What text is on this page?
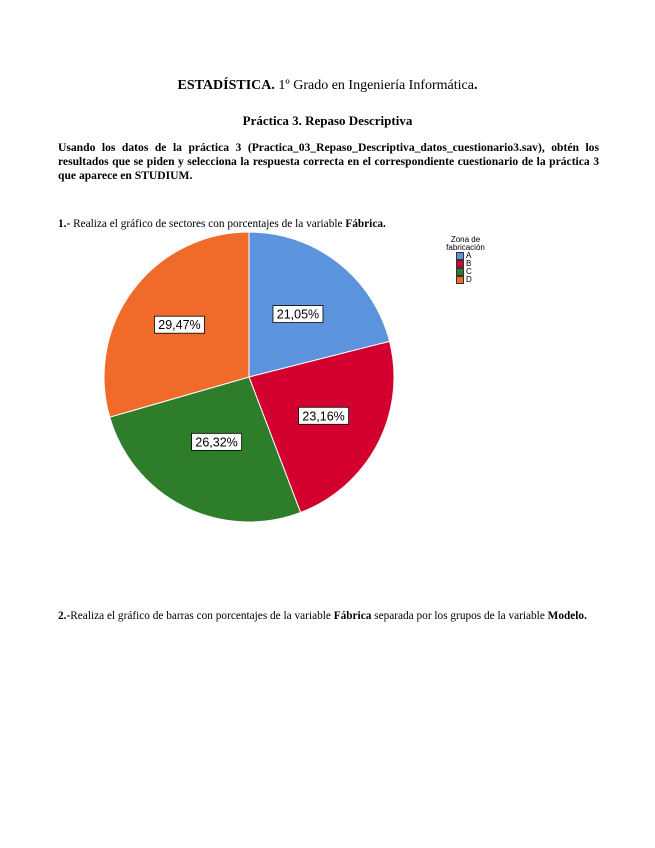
ESTADÍSTICA. 1º Grado en Ingeniería Informática.
Práctica 3. Repaso Descriptiva
Usando los datos de la práctica 3 (Practica_03_Repaso_Descriptiva_datos_cuestionario3.sav), obtén los resultados que se piden y selecciona la respuesta correcta en el correspondiente cuestionario de la práctica 3 que aparece en STUDIUM.
1.- Realiza el gráfico de sectores con porcentajes de la variable Fábrica.
21,05%
23,16%
26,32%
29,47%
Zona de fabricación
A
B
C
D
2.-Realiza el gráfico de barras con porcentajes de la variable Fábrica separada por los grupos de la variable Modelo.
